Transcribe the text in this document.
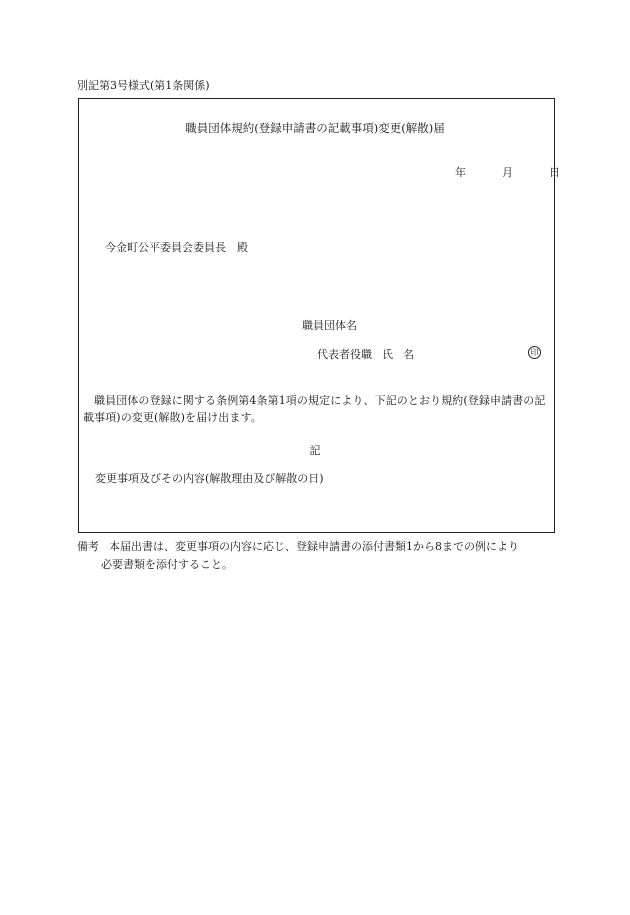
別記第3号様式(第1条関係)
職員団体規約(登録申請書の記載事項)変更(解散)届
年	月	日
今金町公平委員会委員長　殿
職員団体名
代表者役職 氏 名	印
職員団体の登録に関する条例第4条第1項の規定により、下記のとおり規約(登録申請書の記載事項)の変更(解散)を届け出ます。
記
変更事項及びその内容(解散理由及び解散の日)
備考 本届出書は、変更事項の内容に応じ、登録申請書の添付書類1から8までの例により
必要書類を添付すること。
